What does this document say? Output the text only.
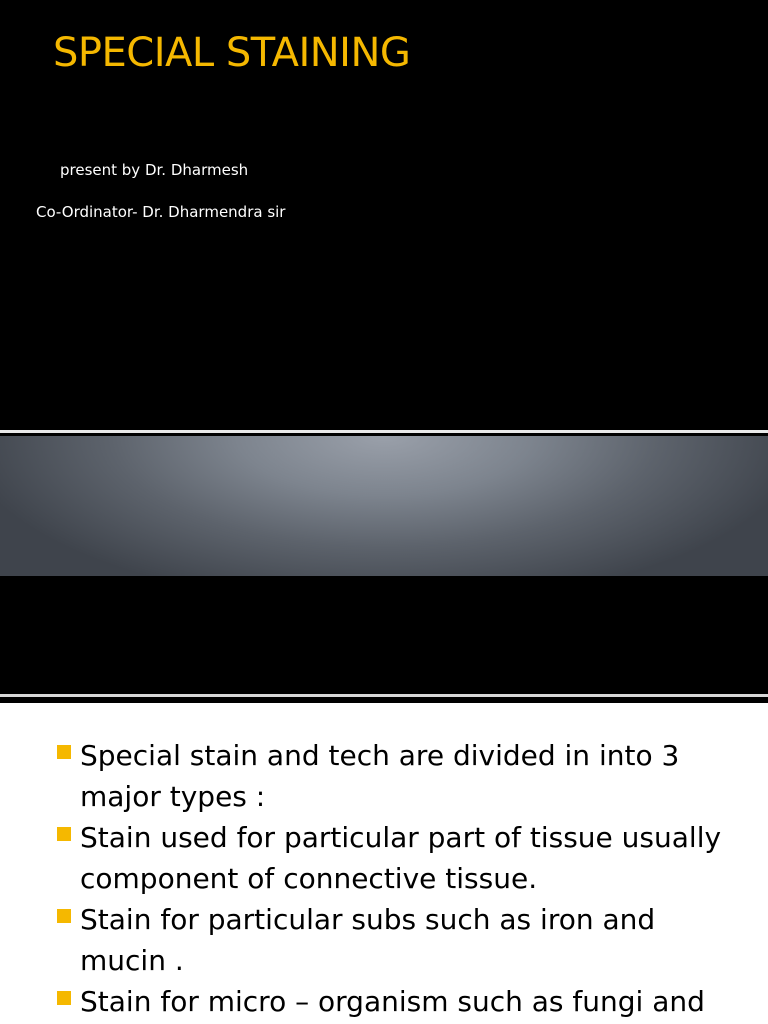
SPECIAL STAINING
present by Dr. Dharmesh
Co-Ordinator- Dr. Dharmendra sir
Special stain and tech are divided in into 3 major types :
Stain used for particular part of tissue usually component of connective tissue.
Stain for particular subs such as iron and mucin .
Stain for micro – organism such as fungi and
